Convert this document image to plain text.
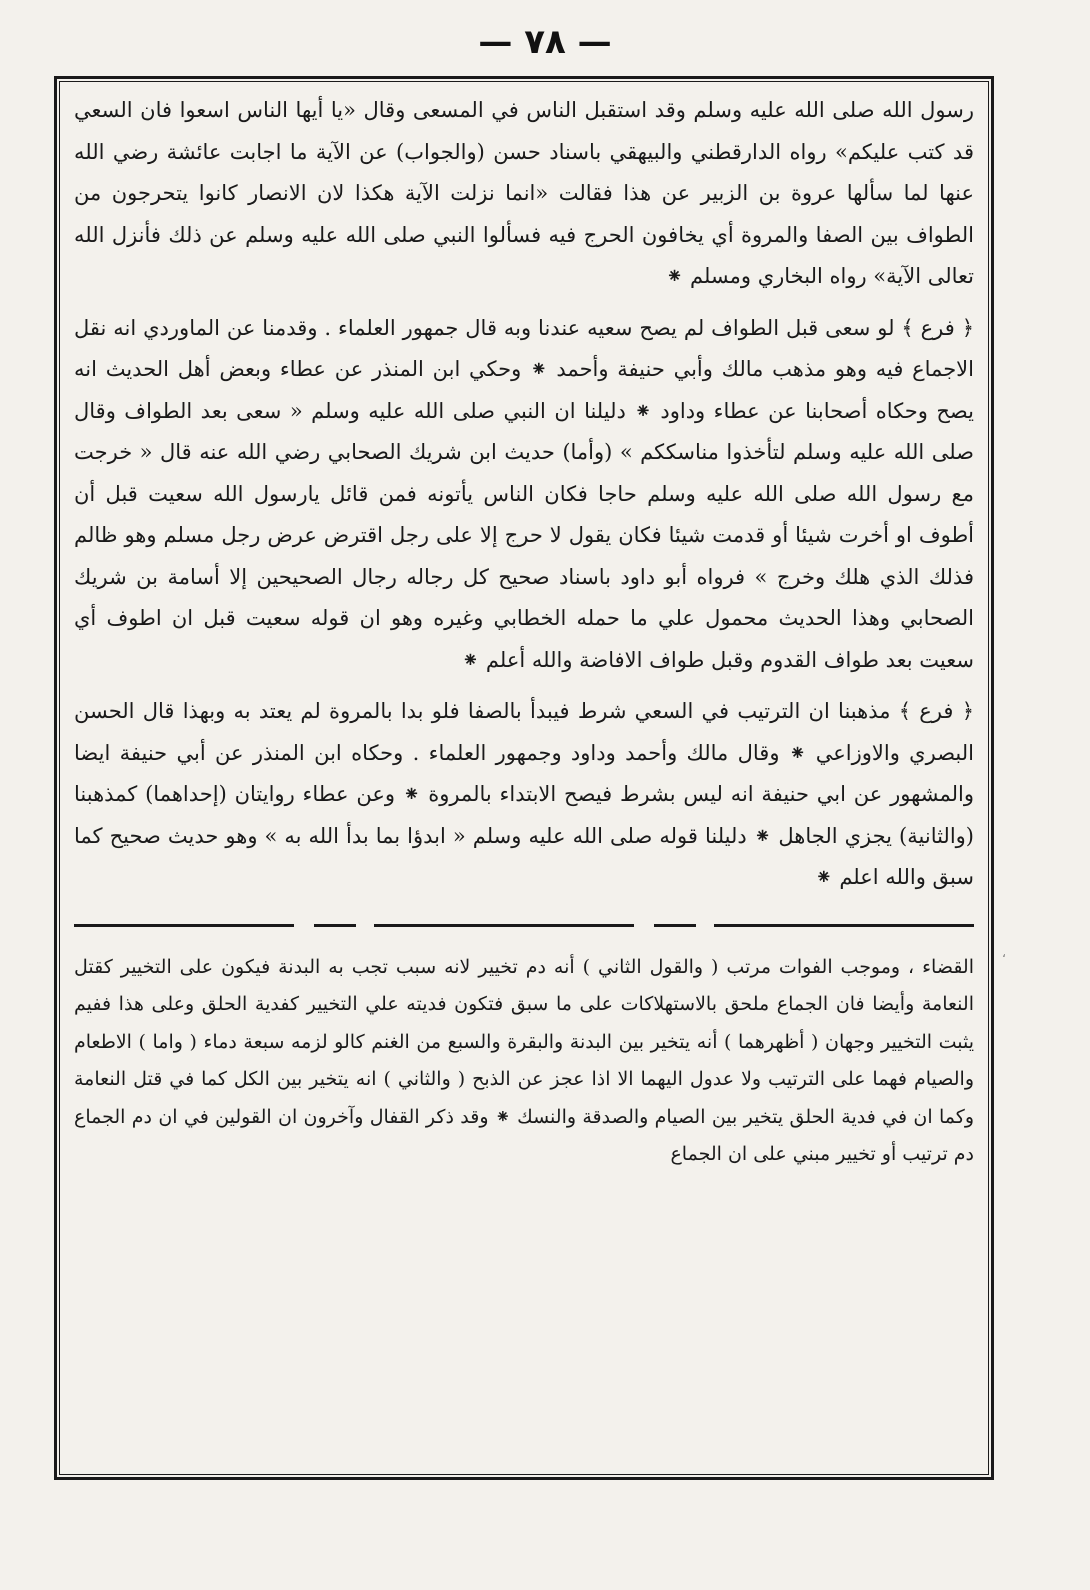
— ٧٨ —

رسول الله صلى الله عليه وسلم وقد استقبل الناس في المسعى وقال «يا أيها الناس اسعوا فان السعي قد كتب عليكم» رواه الدارقطني والبيهقي باسناد حسن (والجواب) عن الآية ما اجابت عائشة رضي الله عنها لما سألها عروة بن الزبير عن هذا فقالت «انما نزلت الآية هكذا لان الانصار كانوا يتحرجون من الطواف بين الصفا والمروة أي يخافون الحرج فيه فسألوا النبي صلى الله عليه وسلم عن ذلك فأنزل الله تعالى الآية» رواه البخاري ومسلم ⁕

﴿ فرع ﴾ لو سعى قبل الطواف لم يصح سعيه عندنا وبه قال جمهور العلماء . وقدمنا عن الماوردي انه نقل الاجماع فيه وهو مذهب مالك وأبي حنيفة وأحمد ⁕ وحكي ابن المنذر عن عطاء وبعض أهل الحديث انه يصح وحكاه أصحابنا عن عطاء وداود ⁕ دليلنا ان النبي صلى الله عليه وسلم « سعى بعد الطواف وقال صلى الله عليه وسلم لتأخذوا مناسككم » (وأما) حديث ابن شريك الصحابي رضي الله عنه قال « خرجت مع رسول الله صلى الله عليه وسلم حاجا فكان الناس يأتونه فمن قائل يارسول الله سعيت قبل أن أطوف او أخرت شيئا أو قدمت شيئا فكان يقول لا حرج إلا على رجل اقترض عرض رجل مسلم وهو ظالم فذلك الذي هلك وخرج » فرواه أبو داود باسناد صحيح كل رجاله رجال الصحيحين إلا أسامة بن شريك الصحابي وهذا الحديث محمول علي ما حمله الخطابي وغيره وهو ان قوله سعيت قبل ان اطوف أي سعيت بعد طواف القدوم وقبل طواف الافاضة والله أعلم ⁕

﴿ فرع ﴾ مذهبنا ان الترتيب في السعي شرط فيبدأ بالصفا فلو بدا بالمروة لم يعتد به وبهذا قال الحسن البصري والاوزاعي ⁕ وقال مالك وأحمد وداود وجمهور العلماء . وحكاه ابن المنذر عن أبي حنيفة ايضا والمشهور عن ابي حنيفة انه ليس بشرط فيصح الابتداء بالمروة ⁕ وعن عطاء روايتان (إحداهما) كمذهبنا (والثانية) يجزي الجاهل ⁕ دليلنا قوله صلى الله عليه وسلم « ابدؤا بما بدأ الله به » وهو حديث صحيح كما سبق والله اعلم ⁕

القضاء ، وموجب الفوات مرتب ( والقول الثاني ) أنه دم تخيير لانه سبب تجب به البدنة فيكون على التخيير كقتل النعامة وأيضا فان الجماع ملحق بالاستهلاكات على ما سبق فتكون فديته علي التخيير كفدية الحلق وعلى هذا ففيم يثبت التخيير وجهان ( أظهرهما ) أنه يتخير بين البدنة والبقرة والسبع من الغنم كالو لزمه سبعة دماء ( واما ) الاطعام والصيام فهما على الترتيب ولا عدول اليهما الا اذا عجز عن الذبح ( والثاني ) انه يتخير بين الكل كما في قتل النعامة وكما ان في فدية الحلق يتخير بين الصيام والصدقة والنسك ⁕ وقد ذكر القفال وآخرون ان القولين في ان دم الجماع دم ترتيب أو تخيير مبني على ان الجماع

،
